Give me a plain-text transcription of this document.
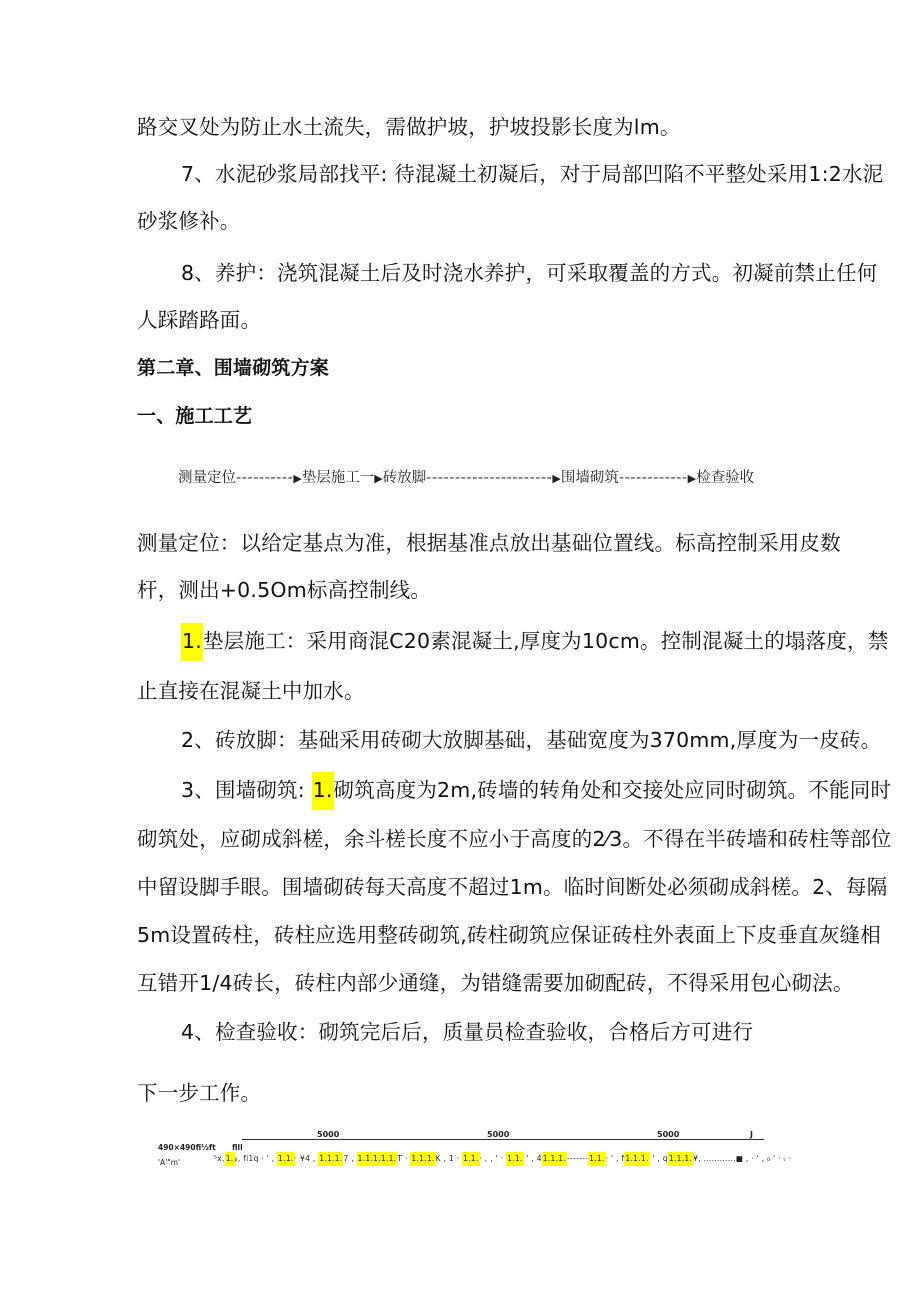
路交叉处为防止水土流失，需做护坡，护坡投影长度为lm。
7、水泥砂浆局部找平: 待混凝土初凝后，对于局部凹陷不平整处采用1:2水泥
砂浆修补。
8、养护：浇筑混凝土后及时浇水养护，可采取覆盖的方式。初凝前禁止任何
人踩踏路面。
第二章、围墙砌筑方案
一、施工工艺
测量定位----------▶垫层施工一▶砖放脚----------------------▶围墙砌筑------------▶检查验收
测量定位：以给定基点为准，根据基准点放出基础位置线。标高控制采用皮数
杆，测出+0.5Om标高控制线。
1.垫层施工：采用商混C20素混凝土,厚度为10cm。控制混凝土的塌落度，禁
止直接在混凝土中加水。
2、砖放脚：基础采用砖砌大放脚基础，基础宽度为370mm,厚度为一皮砖。
3、围墙砌筑: 1.砌筑高度为2m,砖墙的转角处和交接处应同时砌筑。不能同时
砌筑处，应砌成斜槎，余斗槎长度不应小于高度的2⁄3。不得在半砖墙和砖柱等部位
中留设脚手眼。围墙砌砖每天高度不超过1m。临时间断处必须砌成斜槎。2、每隔
5m设置砖柱，砖柱应选用整砖砌筑,砖柱砌筑应保证砖柱外表面上下皮垂直灰缝相
互错开1/4砖长，砖柱内部少通缝，为错缝需要加砌配砖，不得采用包心砌法。
4、检查验收：砌筑完后后，质量员检查验收，合格后方可进行
下一步工作。
5000	5000	5000	J
490×490fi½ft fill
'A'"m'	⁵x,1.ᵦ, fi1q · ' , 1.1.· ¥4 , 1.1.1.7 , 1.1.1.1.1.T · 1.1.1.K , 1 · 1.1.· , , ' · 1.1. ' , 41.1.1.-------1.1.· ' , f1.1.1. ' , q1.1.1.¥, ............■ , · ' , ₀ ' · ₜ ·
